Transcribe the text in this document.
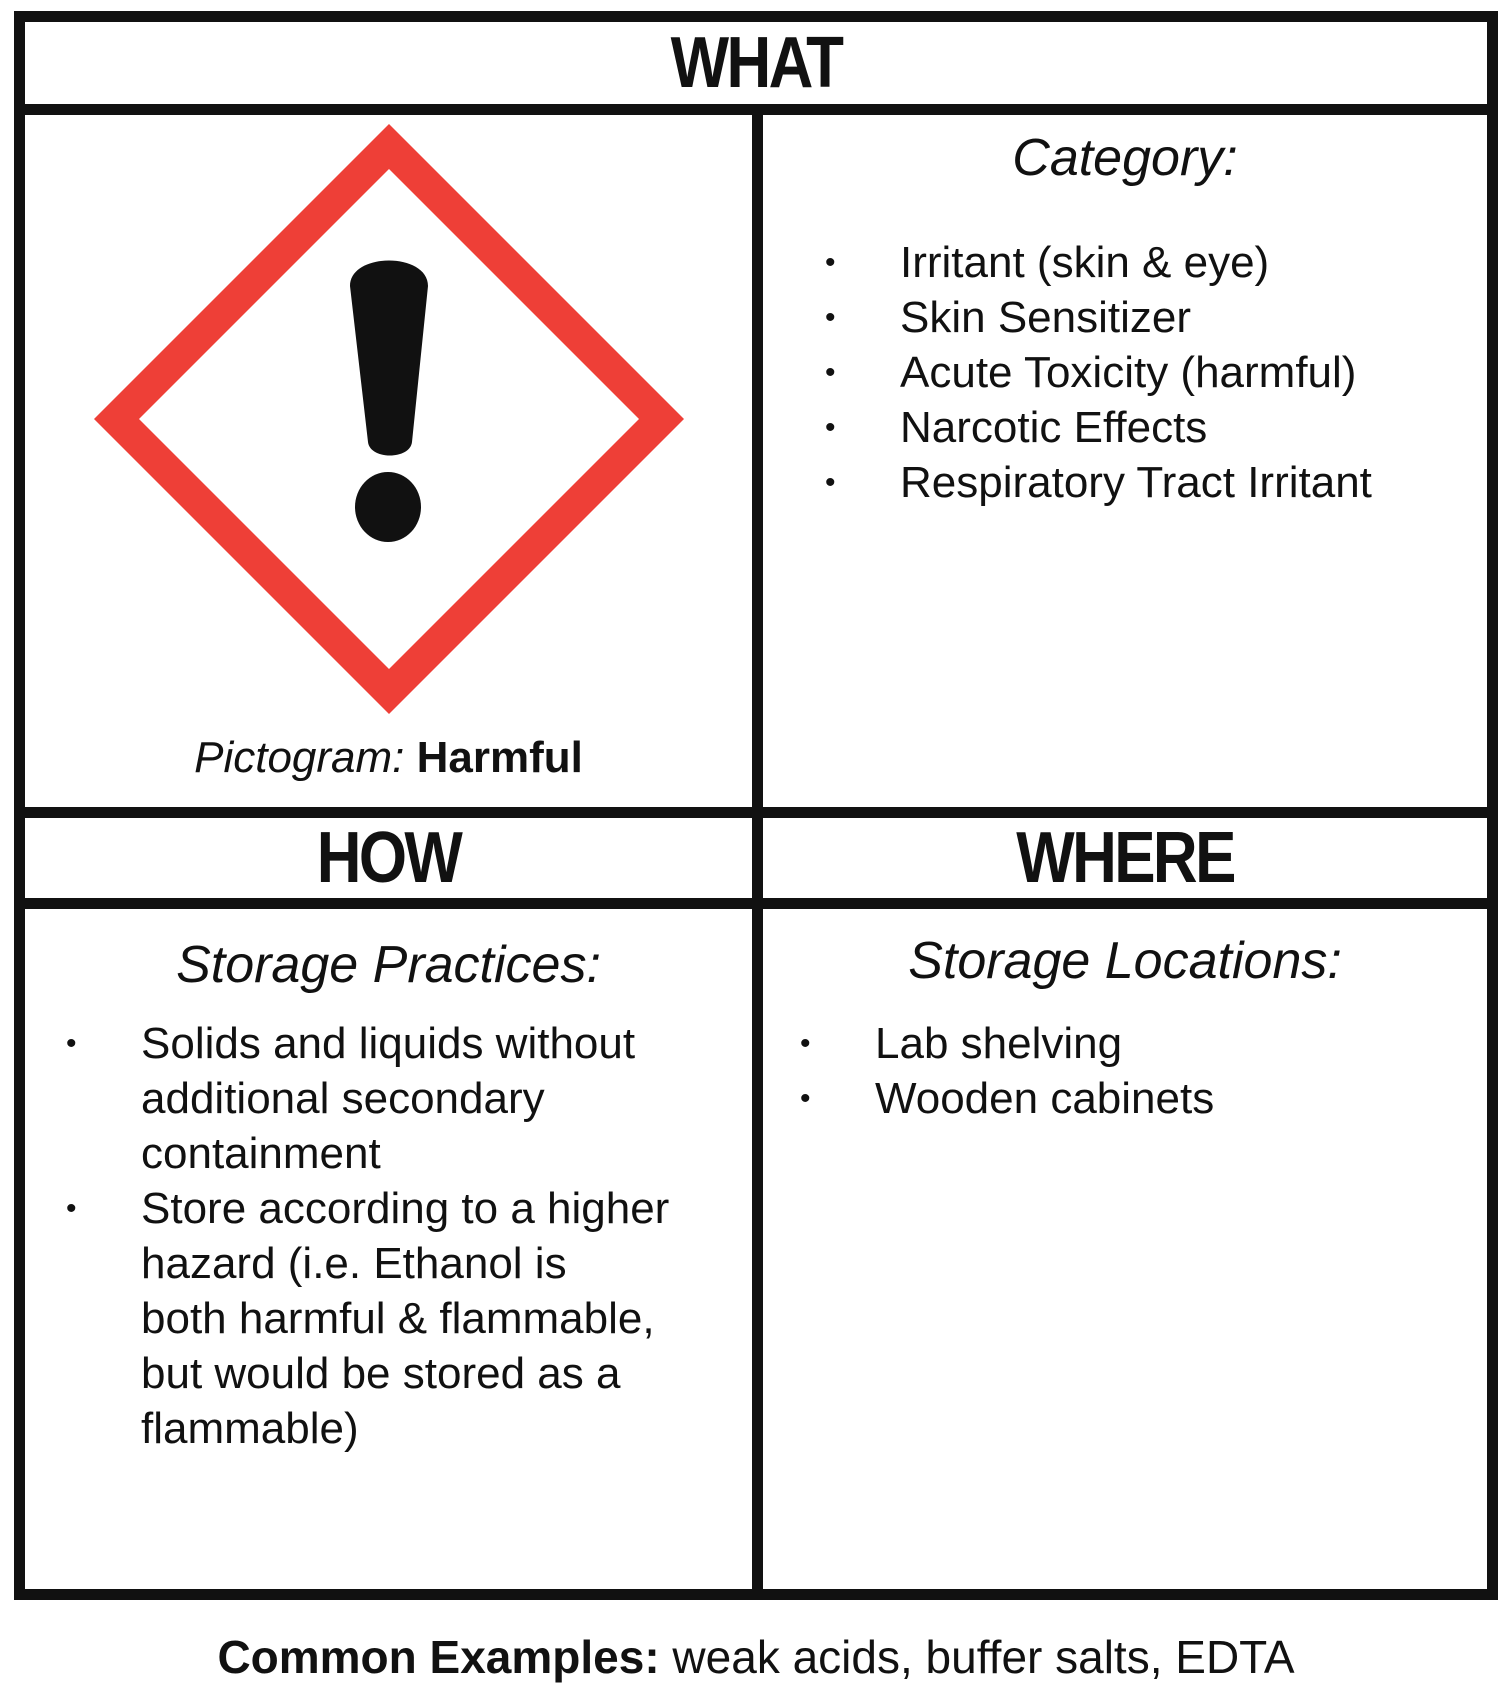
WHAT
Pictogram: Harmful
Category:
• Irritant (skin & eye)
• Skin Sensitizer
• Acute Toxicity (harmful)
• Narcotic Effects
• Respiratory Tract Irritant
HOW	WHERE
Storage Practices:
• Solids and liquids without
additional secondary
containment
• Store according to a higher
hazard (i.e. Ethanol is
both harmful & flammable,
but would be stored as a
flammable)
Storage Locations:
• Lab shelving
• Wooden cabinets
Common Examples: weak acids, buffer salts, EDTA
